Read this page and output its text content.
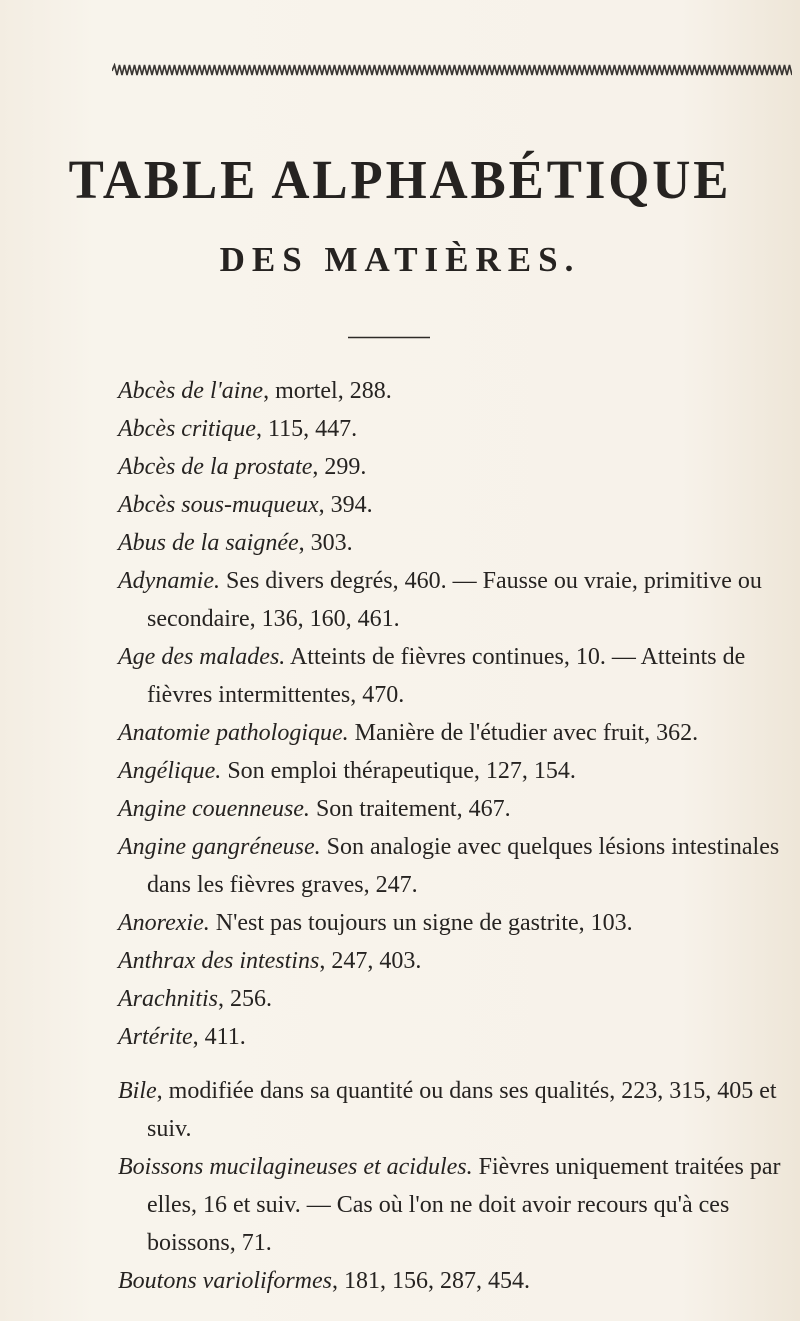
TABLE ALPHABÉTIQUE
DES MATIÈRES.

Abcès de l'aine, mortel, 288.

Abcès critique, 115, 447.

Abcès de la prostate, 299.

Abcès sous-muqueux, 394.

Abus de la saignée, 303.

Adynamie. Ses divers degrés, 460. — Fausse ou vraie, primitive ou secondaire, 136, 160, 461.

Age des malades. Atteints de fièvres continues, 10. — Atteints de fièvres intermittentes, 470.

Anatomie pathologique. Manière de l'étudier avec fruit, 362.

Angélique. Son emploi thérapeutique, 127, 154.

Angine couenneuse. Son traitement, 467.

Angine gangréneuse. Son analogie avec quelques lésions intestinales dans les fièvres graves, 247.

Anorexie. N'est pas toujours un signe de gastrite, 103.

Anthrax des intestins, 247, 403.

Arachnitis, 256.

Artérite, 411.

Bile, modifiée dans sa quantité ou dans ses qualités, 223, 315, 405 et suiv.

Boissons mucilagineuses et acidules. Fièvres uniquement traitées par elles, 16 et suiv. — Cas où l'on ne doit avoir recours qu'à ces boissons, 71.

Boutons varioliformes, 181, 156, 287, 454.
